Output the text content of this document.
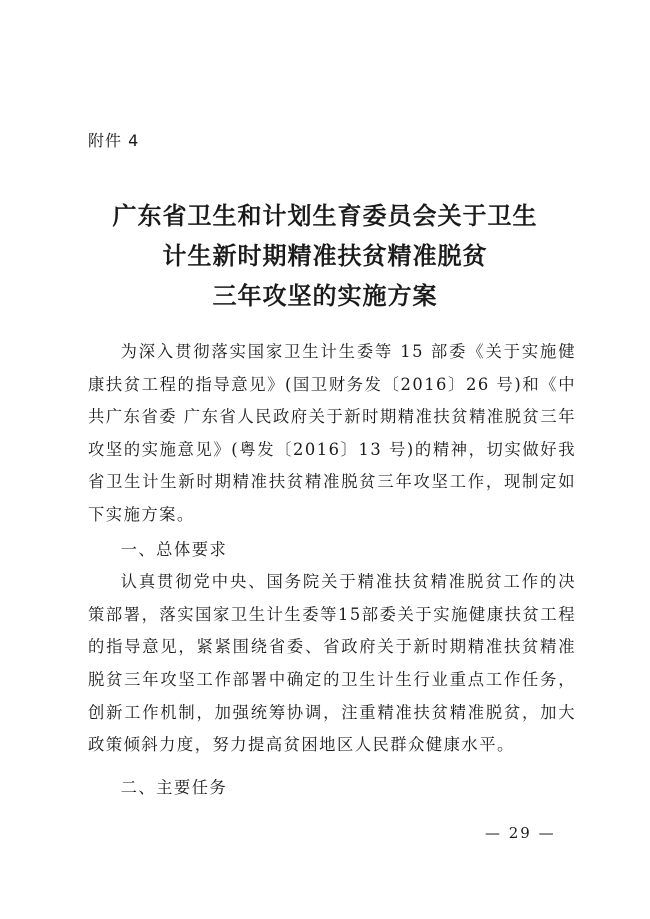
附件 4
广东省卫生和计划生育委员会关于卫生
计生新时期精准扶贫精准脱贫
三年攻坚的实施方案

为深入贯彻落实国家卫生计生委等 15 部委《关于实施健康扶贫工程的指导意见》(国卫财务发〔2016〕26 号)和《中共广东省委 广东省人民政府关于新时期精准扶贫精准脱贫三年攻坚的实施意见》(粤发〔2016〕13 号)的精神，切实做好我省卫生计生新时期精准扶贫精准脱贫三年攻坚工作，现制定如下实施方案。

一、总体要求

认真贯彻党中央、国务院关于精准扶贫精准脱贫工作的决策部署，落实国家卫生计生委等15部委关于实施健康扶贫工程的指导意见，紧紧围绕省委、省政府关于新时期精准扶贫精准脱贫三年攻坚工作部署中确定的卫生计生行业重点工作任务，创新工作机制，加强统筹协调，注重精准扶贫精准脱贫，加大政策倾斜力度，努力提高贫困地区人民群众健康水平。

二、主要任务

— 29 —
